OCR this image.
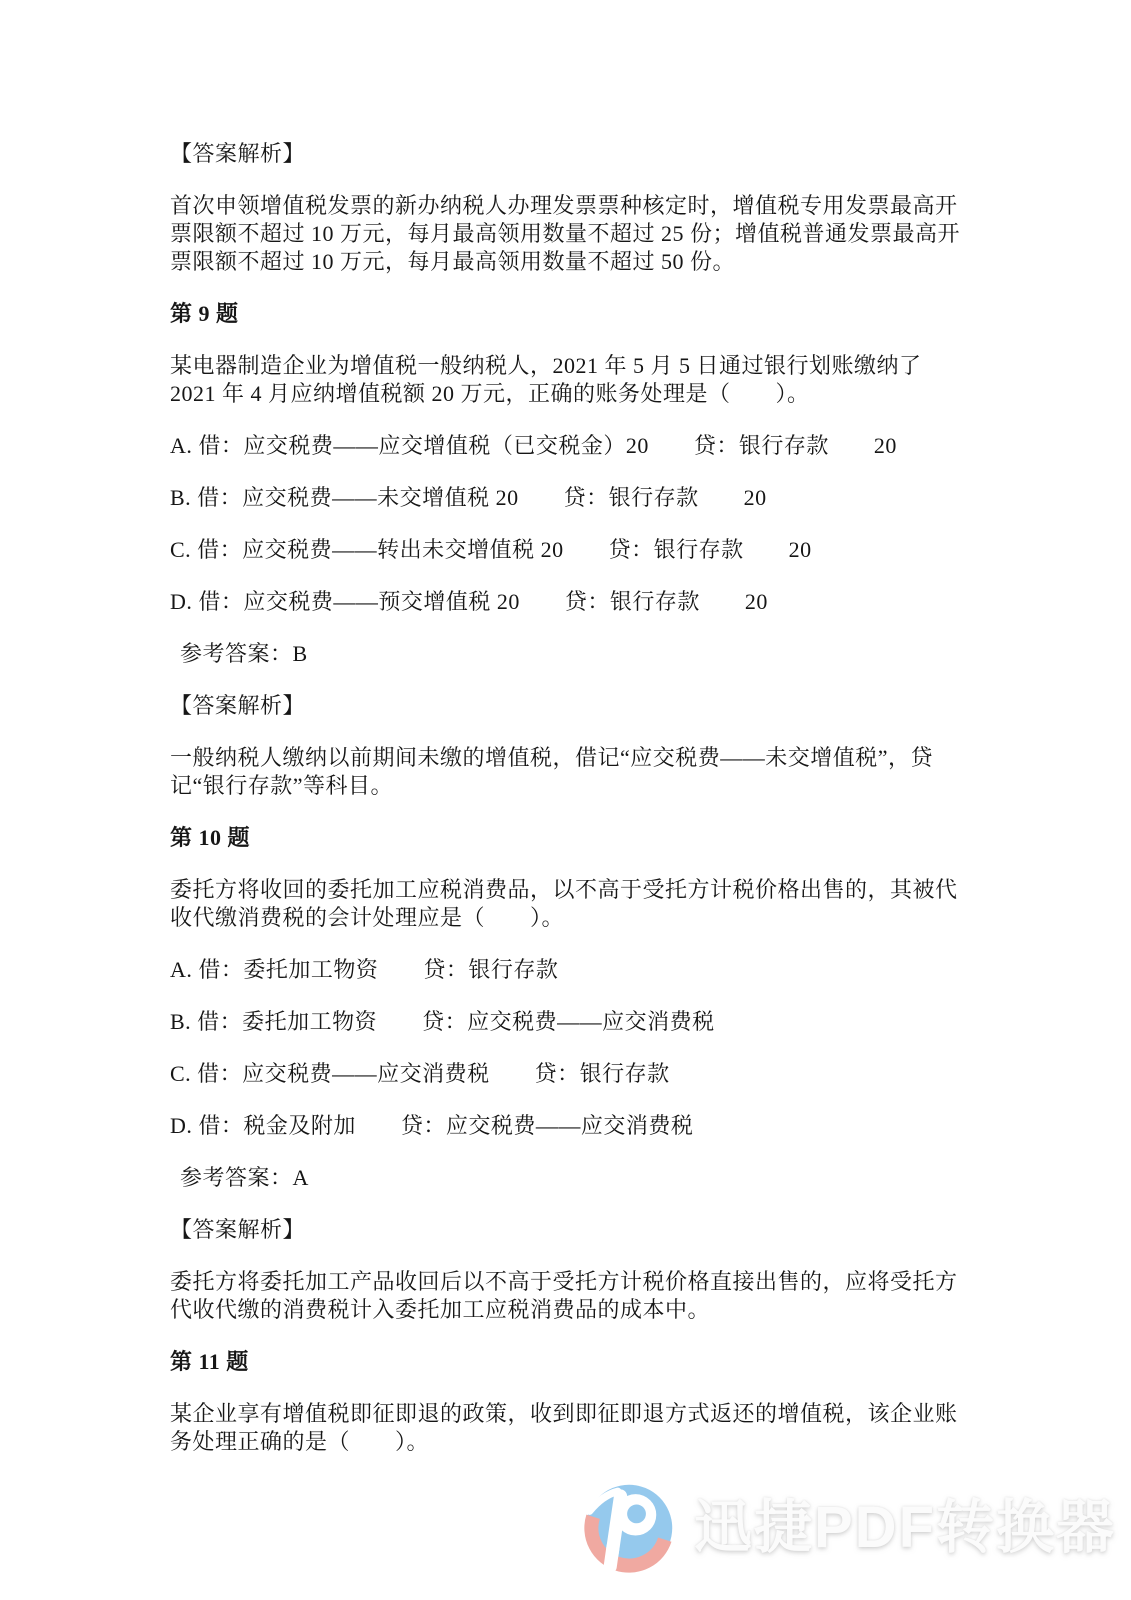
【答案解析】

首次申领增值税发票的新办纳税人办理发票票种核定时，增值税专用发票最高开票限额不超过 10 万元，每月最高领用数量不超过 25 份；增值税普通发票最高开票限额不超过 10 万元，每月最高领用数量不超过 50 份。

第 9 题

某电器制造企业为增值税一般纳税人，2021 年 5 月 5 日通过银行划账缴纳了 2021 年 4 月应纳增值税额 20 万元，正确的账务处理是（　　）。

A. 借：应交税费——应交增值税（已交税金）20　　贷：银行存款　　20

B. 借：应交税费——未交增值税 20　　贷：银行存款　　20

C. 借：应交税费——转出未交增值税 20　　贷：银行存款　　20

D. 借：应交税费——预交增值税 20　　贷：银行存款　　20

参考答案：B

【答案解析】

一般纳税人缴纳以前期间未缴的增值税，借记“应交税费——未交增值税”，贷记“银行存款”等科目。

第 10 题

委托方将收回的委托加工应税消费品，以不高于受托方计税价格出售的，其被代收代缴消费税的会计处理应是（　　）。

A. 借：委托加工物资　　贷：银行存款

B. 借：委托加工物资　　贷：应交税费——应交消费税

C. 借：应交税费——应交消费税　　贷：银行存款

D. 借：税金及附加　　贷：应交税费——应交消费税

参考答案：A

【答案解析】

委托方将委托加工产品收回后以不高于受托方计税价格直接出售的，应将受托方代收代缴的消费税计入委托加工应税消费品的成本中。

第 11 题

某企业享有增值税即征即退的政策，收到即征即退方式返还的增值税，该企业账务处理正确的是（　　）。

迅捷PDF转换器
